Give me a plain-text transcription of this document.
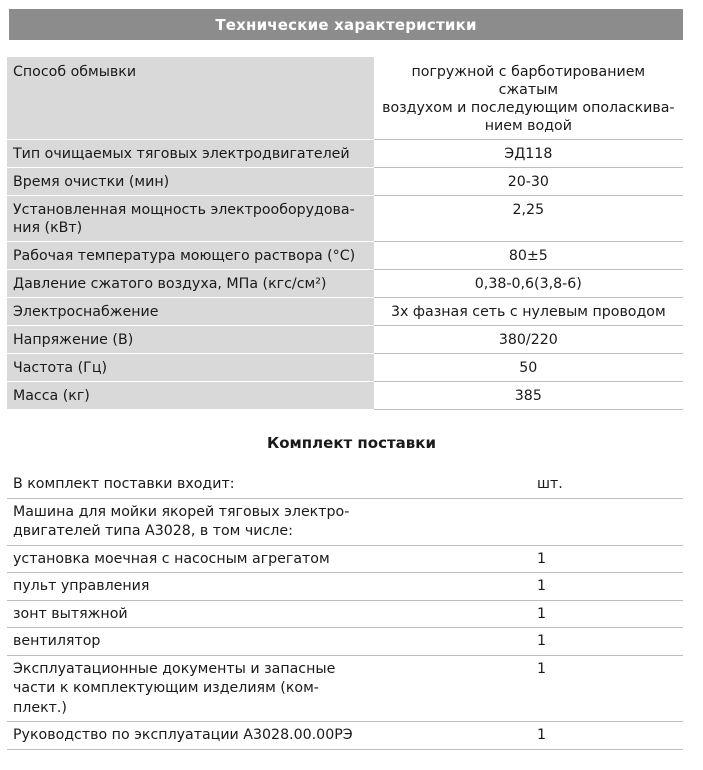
Технические характеристики
Способ обмывки	погружной с барботированием сжатым
воздухом и последующим ополаскива-
нием водой
Тип очищаемых тяговых электродвигателей	ЭД118
Время очистки (мин)	20-30
Установленная мощность электрооборудова-
ния (кВт)	2,25
Рабочая температура моющего раствора (°С)	80±5
Давление сжатого воздуха, МПа (кгс/см²)	0,38-0,6(3,8-6)
Электроснабжение	3х фазная сеть с нулевым проводом
Напряжение (В)	380/220
Частота (Гц)	50
Масса (кг)	385
Комплект поставки
В комплект поставки входит:	шт.
Машина для мойки якорей тяговых электро-
двигателей типа А3028, в том числе:	
установка моечная с насосным агрегатом	1
пульт управления	1
зонт вытяжной	1
вентилятор	1
Эксплуатационные документы и запасные
части к комплектующим изделиям (ком-
плект.)	1
Руководство по эксплуатации А3028.00.00РЭ	1
